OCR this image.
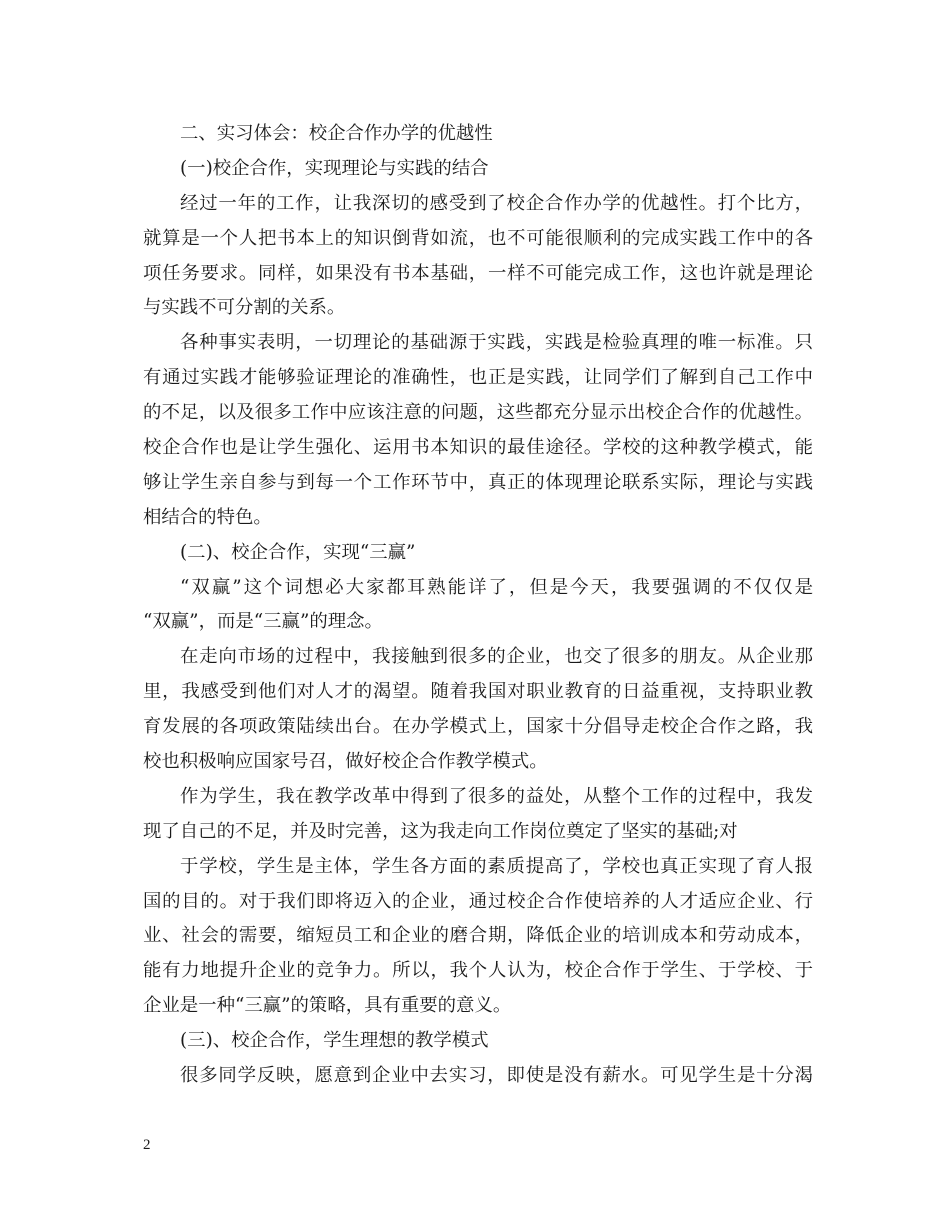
二、实习体会：校企合作办学的优越性
(一)校企合作，实现理论与实践的结合
经过一年的工作，让我深切的感受到了校企合作办学的优越性。打个比方，
就算是一个人把书本上的知识倒背如流，也不可能很顺利的完成实践工作中的各
项任务要求。同样，如果没有书本基础，一样不可能完成工作，这也许就是理论
与实践不可分割的关系。
各种事实表明，一切理论的基础源于实践，实践是检验真理的唯一标准。只
有通过实践才能够验证理论的准确性，也正是实践，让同学们了解到自己工作中
的不足，以及很多工作中应该注意的问题，这些都充分显示出校企合作的优越性。
校企合作也是让学生强化、运用书本知识的最佳途径。学校的这种教学模式，能
够让学生亲自参与到每一个工作环节中，真正的体现理论联系实际，理论与实践
相结合的特色。
(二)、校企合作，实现“三赢”
“双赢”这个词想必大家都耳熟能详了，但是今天，我要强调的不仅仅是
“双赢”，而是“三赢”的理念。
在走向市场的过程中，我接触到很多的企业，也交了很多的朋友。从企业那
里，我感受到他们对人才的渴望。随着我国对职业教育的日益重视，支持职业教
育发展的各项政策陆续出台。在办学模式上，国家十分倡导走校企合作之路，我
校也积极响应国家号召，做好校企合作教学模式。
作为学生，我在教学改革中得到了很多的益处，从整个工作的过程中，我发
现了自己的不足，并及时完善，这为我走向工作岗位奠定了坚实的基础;对
于学校，学生是主体，学生各方面的素质提高了，学校也真正实现了育人报
国的目的。对于我们即将迈入的企业，通过校企合作使培养的人才适应企业、行
业、社会的需要，缩短员工和企业的磨合期，降低企业的培训成本和劳动成本，
能有力地提升企业的竞争力。所以，我个人认为，校企合作于学生、于学校、于
企业是一种“三赢”的策略，具有重要的意义。
(三)、校企合作，学生理想的教学模式
很多同学反映，愿意到企业中去实习，即使是没有薪水。可见学生是十分渴
2
